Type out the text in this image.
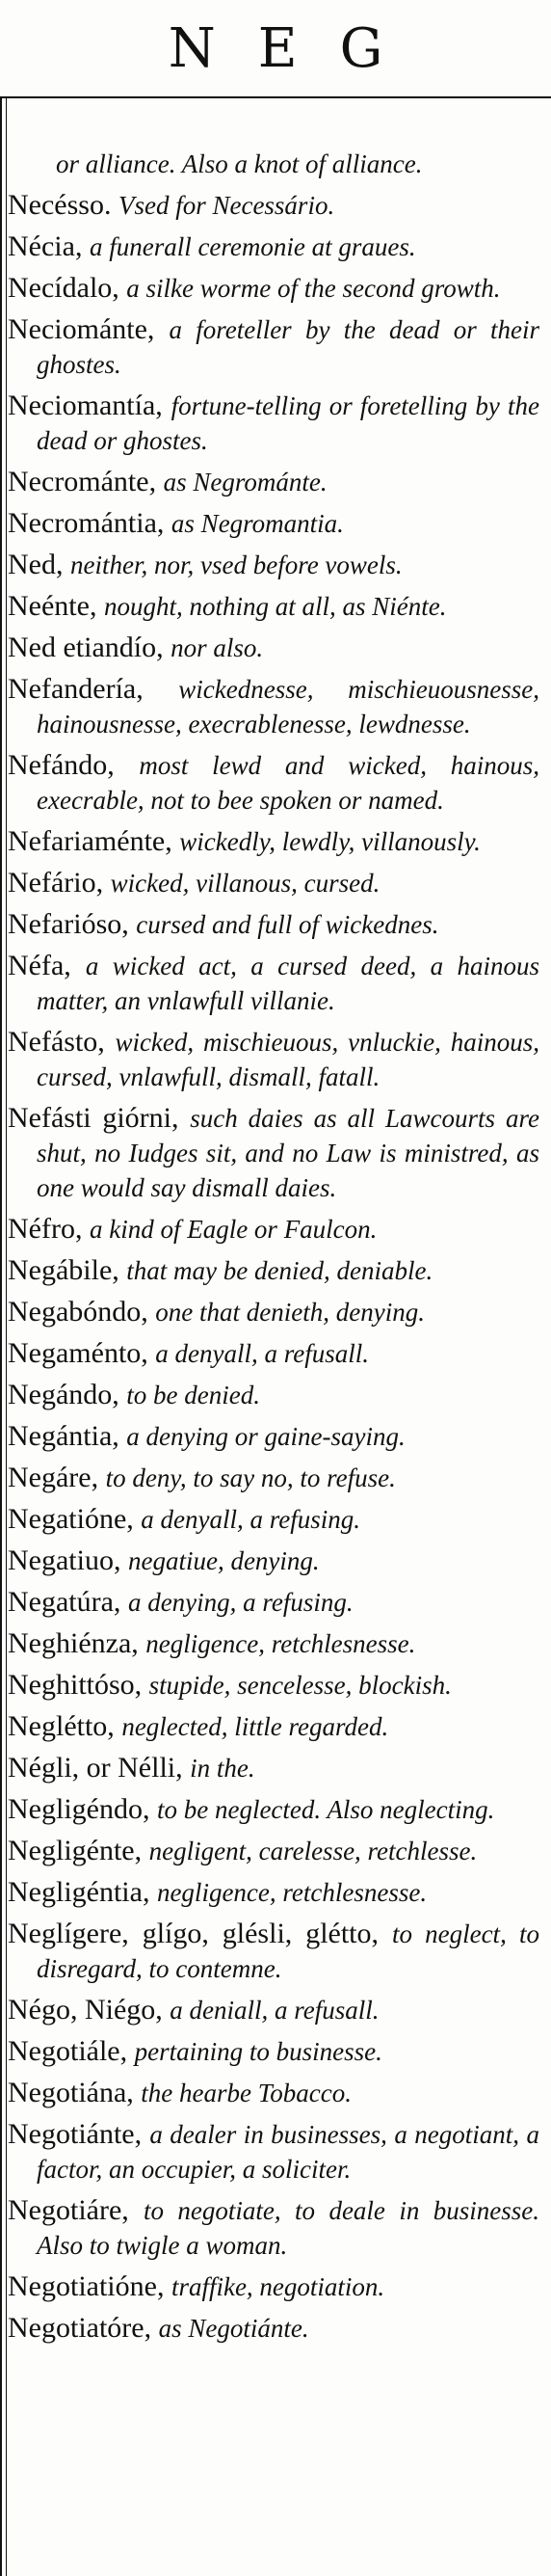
NEG

or alliance. Also a knot of alliance.

Necésso. Vsed for Necessário.

Nécia, a funerall ceremonie at graues.

Necídalo, a silke worme of the second growth.

Neciománte, a foreteller by the dead or their ghostes.

Neciomantía, fortune-telling or foretelling by the dead or ghostes.

Necrománte, as Negrománte.

Necromántia, as Negromantia.

Ned, neither, nor, vsed before vowels.

Neénte, nought, nothing at all, as Niénte.

Ned etiandío, nor also.

Nefandería, wickednesse, mischieuousnesse, hainousnesse, execrablenesse, lewdnesse.

Nefándo, most lewd and wicked, hainous, execrable, not to bee spoken or named.

Nefariaménte, wickedly, lewdly, villanously.

Nefário, wicked, villanous, cursed.

Nefarióso, cursed and full of wickednes.

Néfa, a wicked act, a cursed deed, a hainous matter, an vnlawfull villanie.

Nefásto, wicked, mischieuous, vnluckie, hainous, cursed, vnlawfull, dismall, fatall.

Nefásti giórni, such daies as all Lawcourts are shut, no Iudges sit, and no Law is ministred, as one would say dismall daies.

Néfro, a kind of Eagle or Faulcon.

Negábile, that may be denied, deniable.

Negabóndo, one that denieth, denying.

Negaménto, a denyall, a refusall.

Negándo, to be denied.

Negántia, a denying or gaine-saying.

Negáre, to deny, to say no, to refuse.

Negatióne, a denyall, a refusing.

Negatiuo, negatiue, denying.

Negatúra, a denying, a refusing.

Neghiénza, negligence, retchlesnesse.

Neghittóso, stupide, sencelesse, blockish.

Neglétto, neglected, little regarded.

Négli, or Nélli, in the.

Negligéndo, to be neglected. Also neglecting.

Negligénte, negligent, carelesse, retchlesse.

Negligéntia, negligence, retchlesnesse.

Neglígere, glígo, glésli, glétto, to neglect, to disregard, to contemne.

Négo, Niégo, a deniall, a refusall.

Negotiále, pertaining to businesse.

Negotiána, the hearbe Tobacco.

Negotiánte, a dealer in businesses, a negotiant, a factor, an occupier, a soliciter.

Negotiáre, to negotiate, to deale in businesse. Also to twigle a woman.

Negotiatióne, traffike, negotiation.

Negotiatóre, as Negotiánte.
